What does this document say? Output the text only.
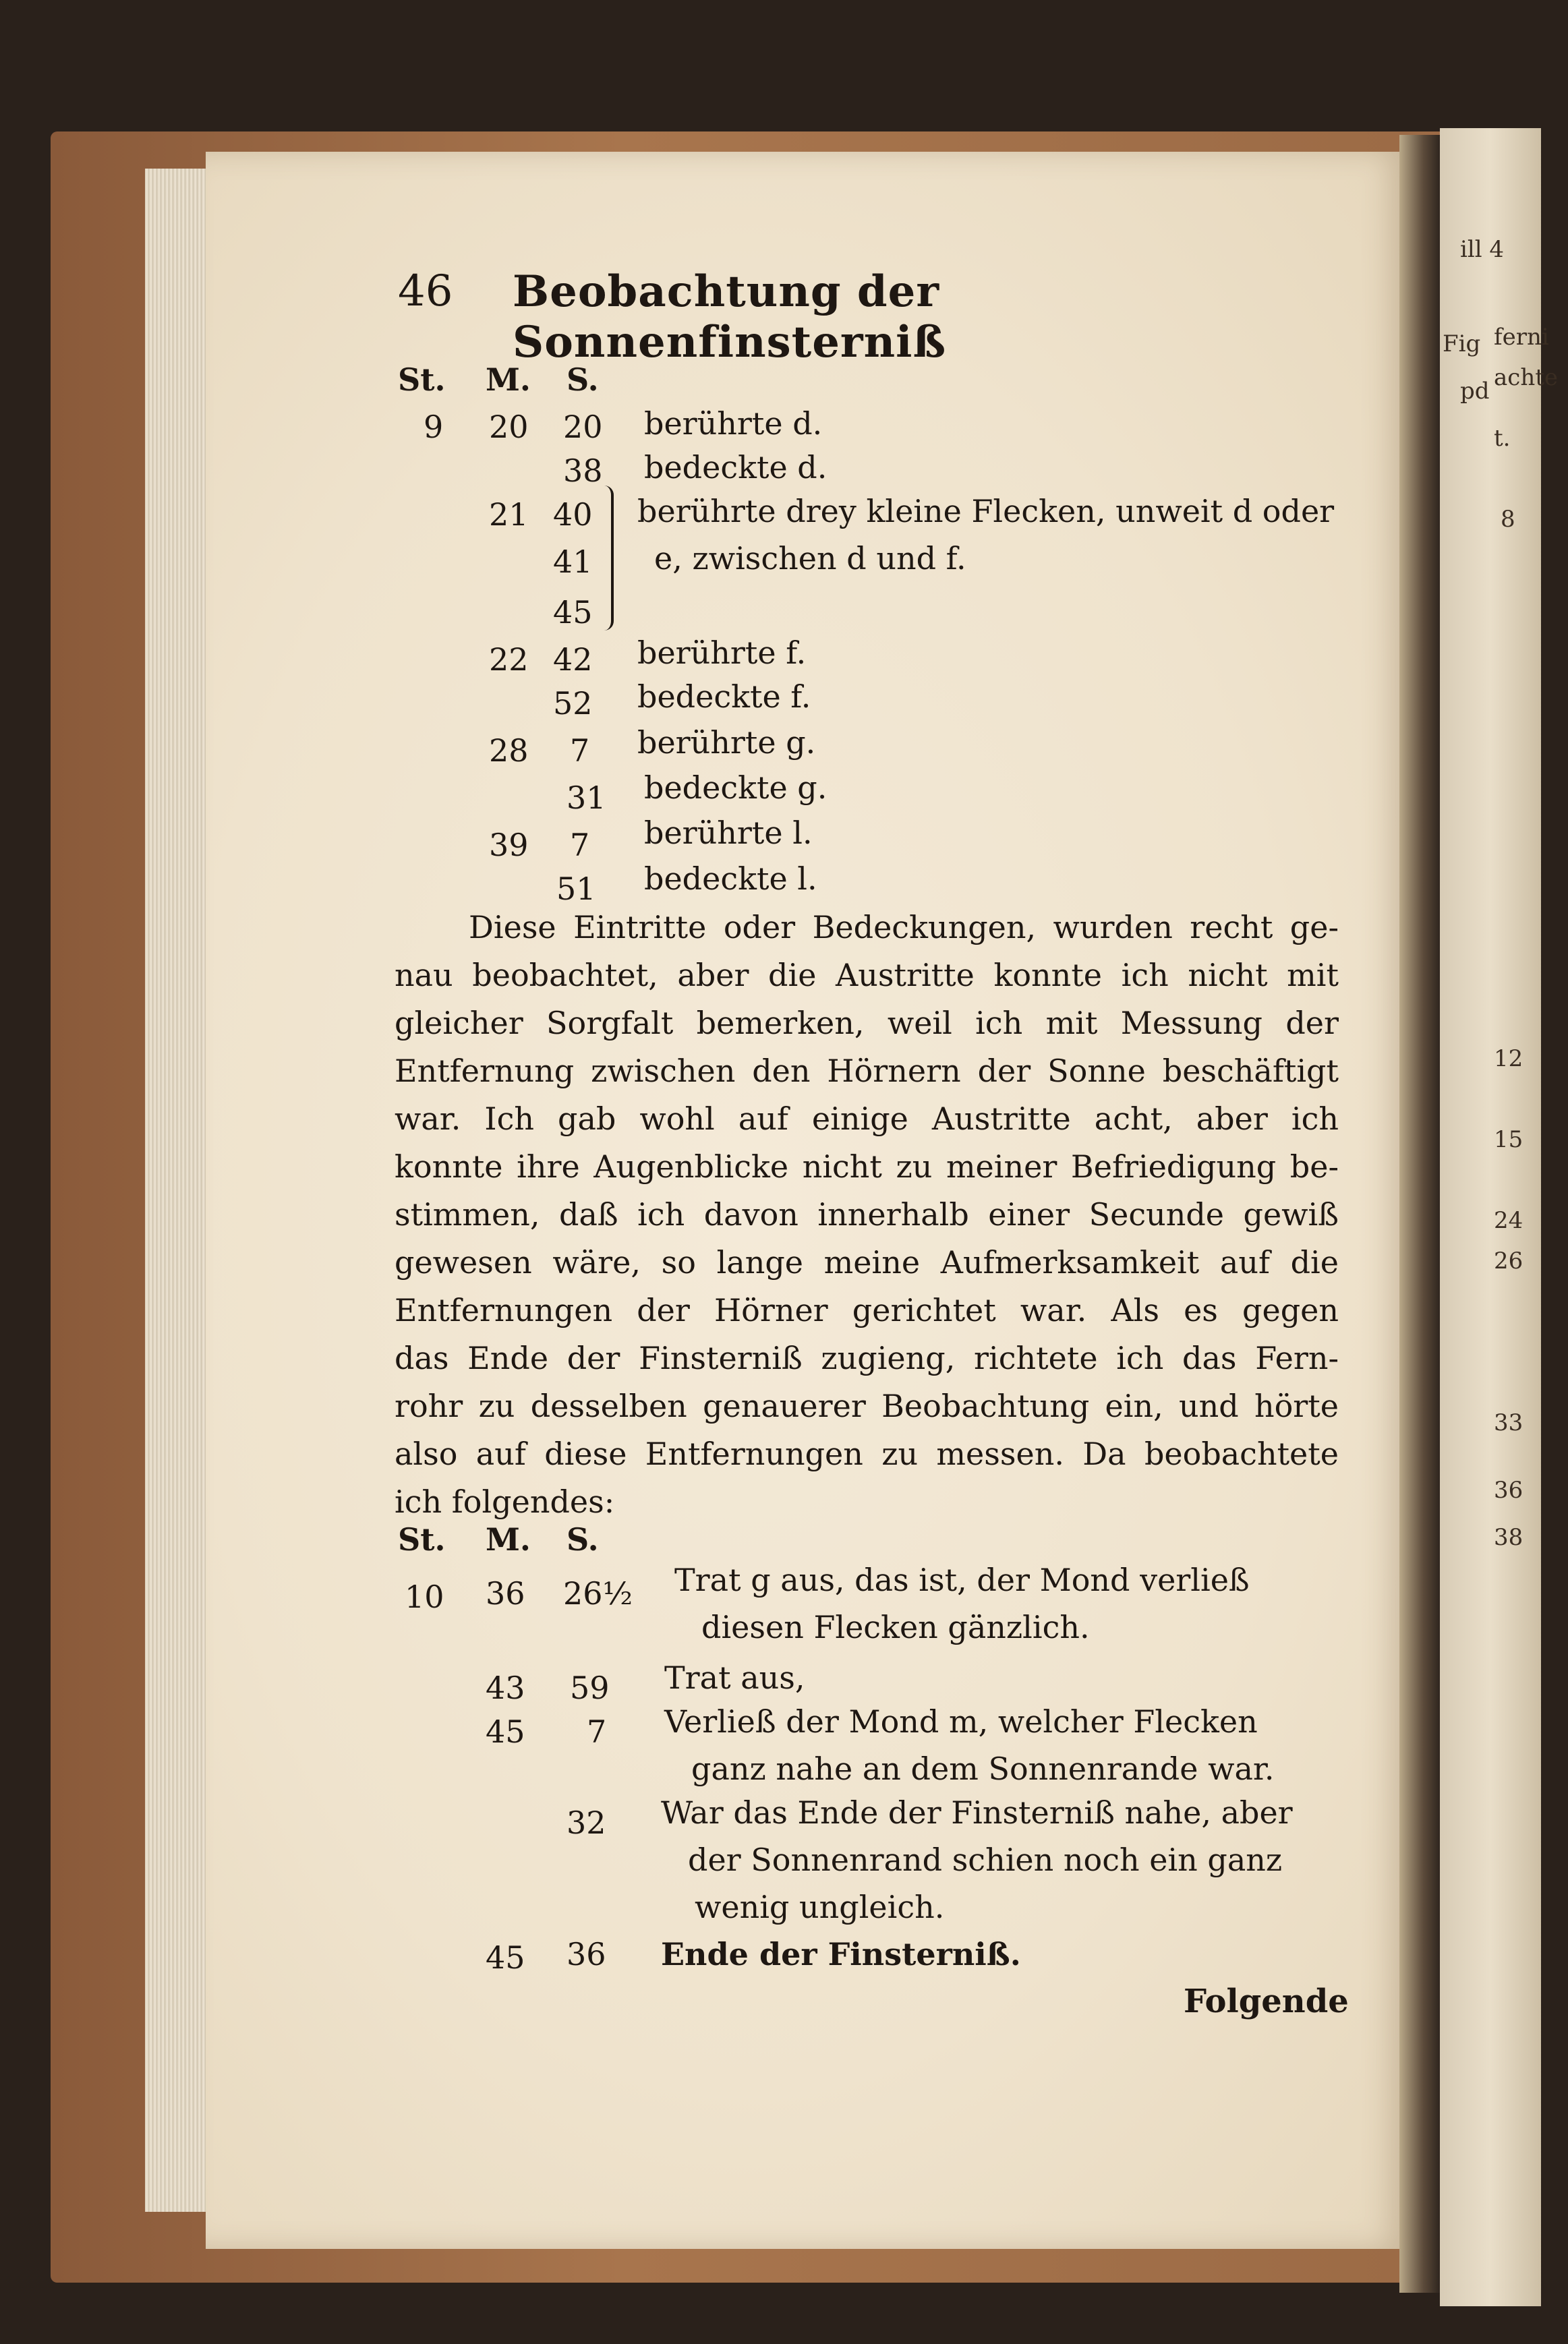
ill 4
Fig ferni
achte
pd
t.
8
12
15
24
26
33
36
38
46 Beobachtung der Sonnenfinsterniß
St. M. S.
9 20 20 berührte d.
38 bedeckte d.
21 40 berührte drey kleine Flecken, unweit d oder
41 e, zwischen d und f.
45
22 42 berührte f.
52 bedeckte f.
28 7 berührte g.
31 bedeckte g.
39 7 berührte l.
51 bedeckte l.
Diese Eintritte oder Bedeckungen, wurden recht ge-
nau beobachtet, aber die Austritte konnte ich nicht mit
gleicher Sorgfalt bemerken, weil ich mit Messung der
Entfernung zwischen den Hörnern der Sonne beschäftigt
war. Ich gab wohl auf einige Austritte acht, aber ich
konnte ihre Augenblicke nicht zu meiner Befriedigung be-
stimmen, daß ich davon innerhalb einer Secunde gewiß
gewesen wäre, so lange meine Aufmerksamkeit auf die
Entfernungen der Hörner gerichtet war. Als es gegen
das Ende der Finsterniß zugieng, richtete ich das Fern-
rohr zu desselben genauerer Beobachtung ein, und hörte
also auf diese Entfernungen zu messen. Da beobachtete
ich folgendes:
St. M. S.
10 36 26½ Trat g aus, das ist, der Mond verließ
diesen Flecken gänzlich.
43 59 Trat aus,
45 7 Verließ der Mond m, welcher Flecken
ganz nahe an dem Sonnenrande war.
32 War das Ende der Finsterniß nahe, aber
der Sonnenrand schien noch ein ganz
wenig ungleich.
45 36 Ende der Finsterniß.
Folgende
